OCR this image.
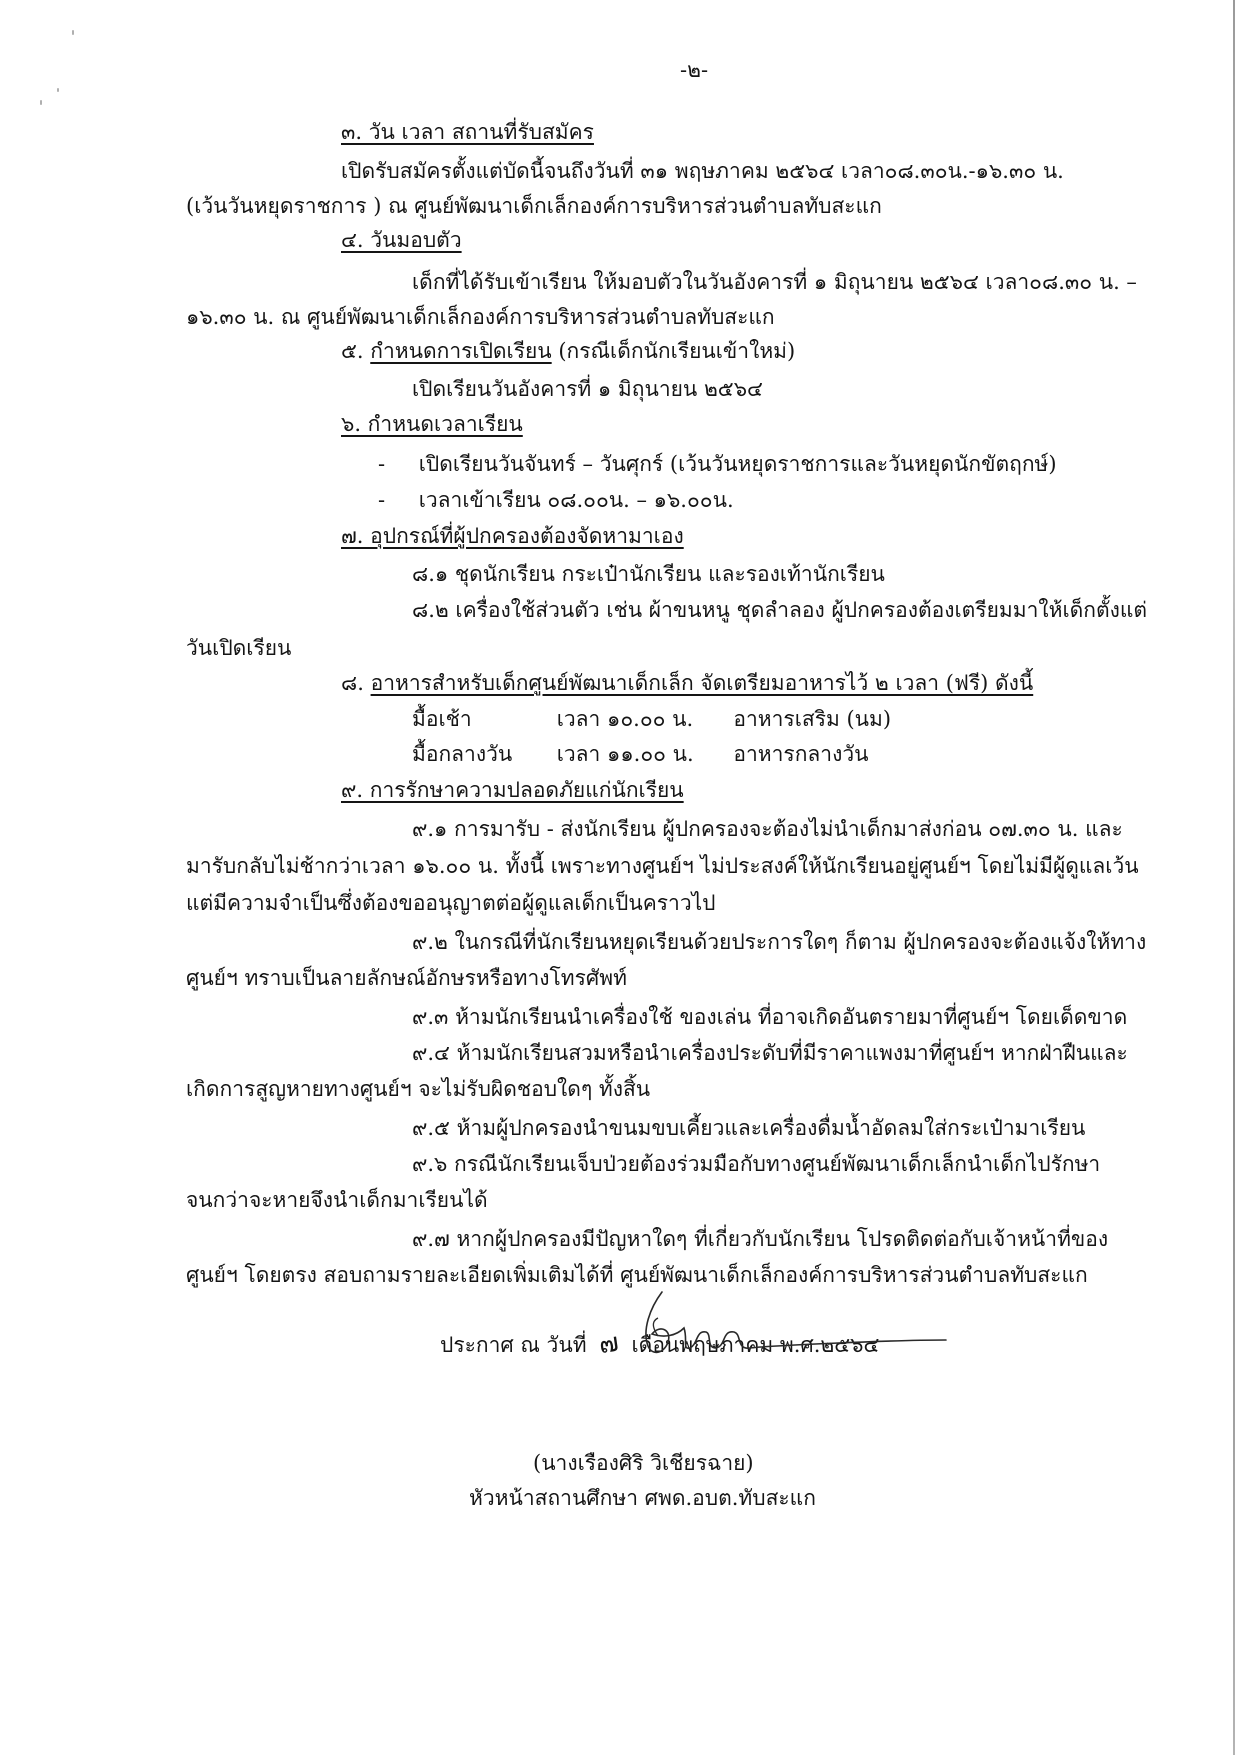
-๒-
๓. วัน เวลา สถานที่รับสมัคร
เปิดรับสมัครตั้งแต่บัดนี้จนถึงวันที่ ๓๑ พฤษภาคม ๒๕๖๔ เวลา๐๘.๓๐น.-๑๖.๓๐ น.
(เว้นวันหยุดราชการ ) ณ ศูนย์พัฒนาเด็กเล็กองค์การบริหารส่วนตำบลทับสะแก
๔. วันมอบตัว
เด็กที่ได้รับเข้าเรียน ให้มอบตัวในวันอังคารที่ ๑ มิถุนายน ๒๕๖๔ เวลา๐๘.๓๐ น. –
๑๖.๓๐ น. ณ ศูนย์พัฒนาเด็กเล็กองค์การบริหารส่วนตำบลทับสะแก
๕. กำหนดการเปิดเรียน (กรณีเด็กนักเรียนเข้าใหม่)
เปิดเรียนวันอังคารที่ ๑ มิถุนายน ๒๕๖๔
๖. กำหนดเวลาเรียน
- เปิดเรียนวันจันทร์ – วันศุกร์ (เว้นวันหยุดราชการและวันหยุดนักขัตฤกษ์)
- เวลาเข้าเรียน ๐๘.๐๐น. – ๑๖.๐๐น.
๗. อุปกรณ์ที่ผู้ปกครองต้องจัดหามาเอง
๘.๑ ชุดนักเรียน กระเป๋านักเรียน และรองเท้านักเรียน
๘.๒ เครื่องใช้ส่วนตัว เช่น ผ้าขนหนู ชุดลำลอง ผู้ปกครองต้องเตรียมมาให้เด็กตั้งแต่
วันเปิดเรียน
๘. อาหารสำหรับเด็กศูนย์พัฒนาเด็กเล็ก จัดเตรียมอาหารไว้ ๒ เวลา (ฟรี) ดังนี้
มื้อเช้า	เวลา ๑๐.๐๐ น. อาหารเสริม (นม)
มื้อกลางวัน เวลา ๑๑.๐๐ น. อาหารกลางวัน
๙. การรักษาความปลอดภัยแก่นักเรียน
๙.๑ การมารับ - ส่งนักเรียน ผู้ปกครองจะต้องไม่นำเด็กมาส่งก่อน ๐๗.๓๐ น. และ
มารับกลับไม่ช้ากว่าเวลา ๑๖.๐๐ น. ทั้งนี้ เพราะทางศูนย์ฯ ไม่ประสงค์ให้นักเรียนอยู่ศูนย์ฯ โดยไม่มีผู้ดูแลเว้น
แต่มีความจำเป็นซึ่งต้องขออนุญาตต่อผู้ดูแลเด็กเป็นคราวไป
๙.๒ ในกรณีที่นักเรียนหยุดเรียนด้วยประการใดๆ ก็ตาม ผู้ปกครองจะต้องแจ้งให้ทาง
ศูนย์ฯ ทราบเป็นลายลักษณ์อักษรหรือทางโทรศัพท์
๙.๓ ห้ามนักเรียนนำเครื่องใช้ ของเล่น ที่อาจเกิดอันตรายมาที่ศูนย์ฯ โดยเด็ดขาด
๙.๔ ห้ามนักเรียนสวมหรือนำเครื่องประดับที่มีราคาแพงมาที่ศูนย์ฯ หากฝ่าฝืนและ
เกิดการสูญหายทางศูนย์ฯ จะไม่รับผิดชอบใดๆ ทั้งสิ้น
๙.๕ ห้ามผู้ปกครองนำขนมขบเคี้ยวและเครื่องดื่มน้ำอัดลมใส่กระเป๋ามาเรียน
๙.๖ กรณีนักเรียนเจ็บป่วยต้องร่วมมือกับทางศูนย์พัฒนาเด็กเล็กนำเด็กไปรักษา
จนกว่าจะหายจึงนำเด็กมาเรียนได้
๙.๗ หากผู้ปกครองมีปัญหาใดๆ ที่เกี่ยวกับนักเรียน โปรดติดต่อกับเจ้าหน้าที่ของ
ศูนย์ฯ โดยตรง สอบถามรายละเอียดเพิ่มเติมได้ที่ ศูนย์พัฒนาเด็กเล็กองค์การบริหารส่วนตำบลทับสะแก
ประกาศ ณ วันที่ ๗ เดือนพฤษภาคม พ.ศ.๒๕๖๔
(นางเรืองศิริ วิเชียรฉาย)
หัวหน้าสถานศึกษา ศพด.อบต.ทับสะแก
